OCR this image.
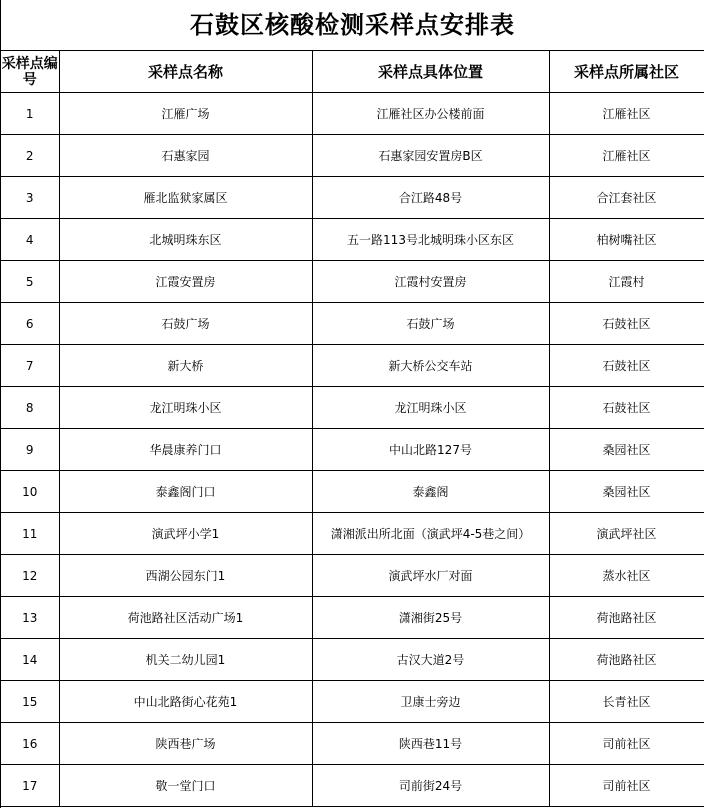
石鼓区核酸检测采样点安排表
采样点编号	采样点名称	采样点具体位置	采样点所属社区
1	江雁广场	江雁社区办公楼前面	江雁社区
2	石惠家园	石惠家园安置房B区	江雁社区
3	雁北监狱家属区	合江路48号	合江套社区
4	北城明珠东区	五一路113号北城明珠小区东区	柏树嘴社区
5	江霞安置房	江霞村安置房	江霞村
6	石鼓广场	石鼓广场	石鼓社区
7	新大桥	新大桥公交车站	石鼓社区
8	龙江明珠小区	龙江明珠小区	石鼓社区
9	华晨康养门口	中山北路127号	桑园社区
10	泰鑫阁门口	泰鑫阁	桑园社区
11	演武坪小学1	潇湘派出所北面（演武坪4-5巷之间）	演武坪社区
12	西湖公园东门1	演武坪水厂对面	蒸水社区
13	荷池路社区活动广场1	潇湘街25号	荷池路社区
14	机关二幼儿园1	古汉大道2号	荷池路社区
15	中山北路街心花苑1	卫康士旁边	长青社区
16	陕西巷广场	陕西巷11号	司前社区
17	敬一堂门口	司前街24号	司前社区
